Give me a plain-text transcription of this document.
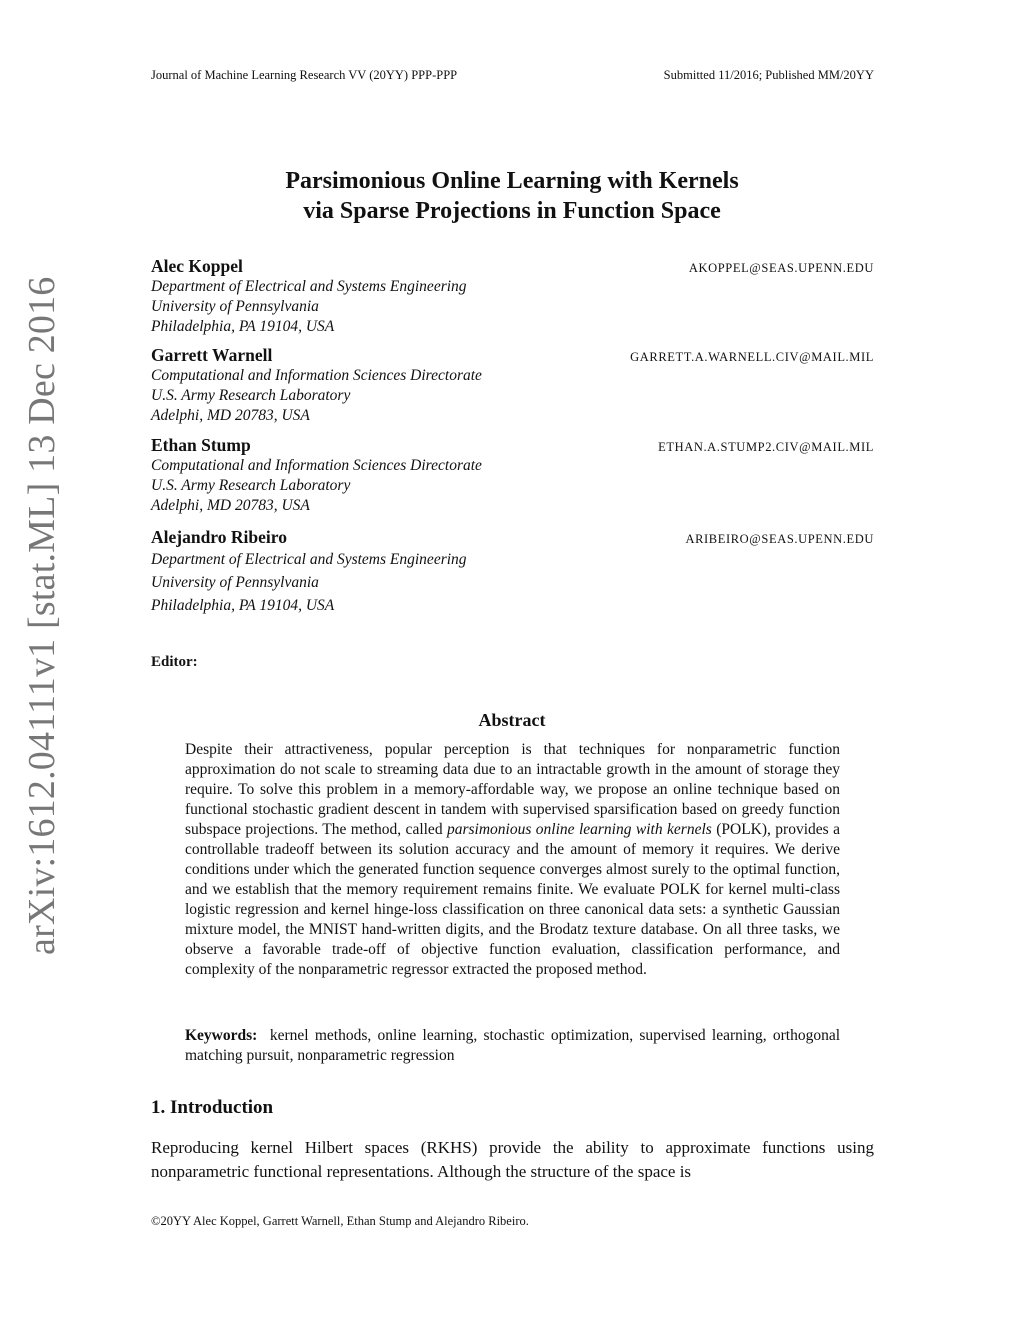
Journal of Machine Learning Research VV (20YY) PPP-PPP	Submitted 11/2016; Published MM/20YY
arXiv:1612.04111v1 [stat.ML] 13 Dec 2016
Parsimonious Online Learning with Kernels
via Sparse Projections in Function Space
Alec Koppel	AKOPPEL@SEAS.UPENN.EDU
Department of Electrical and Systems Engineering
University of Pennsylvania
Philadelphia, PA 19104, USA
Garrett Warnell	GARRETT.A.WARNELL.CIV@MAIL.MIL
Computational and Information Sciences Directorate
U.S. Army Research Laboratory
Adelphi, MD 20783, USA
Ethan Stump	ETHAN.A.STUMP2.CIV@MAIL.MIL
Computational and Information Sciences Directorate
U.S. Army Research Laboratory
Adelphi, MD 20783, USA
Alejandro Ribeiro	ARIBEIRO@SEAS.UPENN.EDU
Department of Electrical and Systems Engineering
University of Pennsylvania
Philadelphia, PA 19104, USA
Editor:
Abstract
Despite their attractiveness, popular perception is that techniques for nonparametric function approximation do not scale to streaming data due to an intractable growth in the amount of storage they require. To solve this problem in a memory-affordable way, we propose an online technique based on functional stochastic gradient descent in tandem with supervised sparsification based on greedy function subspace projections. The method, called parsimonious online learning with kernels (POLK), provides a controllable tradeoff between its solution accuracy and the amount of memory it requires. We derive conditions under which the generated function sequence converges almost surely to the optimal function, and we establish that the memory requirement remains finite. We evaluate POLK for kernel multi-class logistic regression and kernel hinge-loss classification on three canonical data sets: a synthetic Gaussian mixture model, the MNIST hand-written digits, and the Brodatz texture database. On all three tasks, we observe a favorable trade-off of objective function evaluation, classification performance, and complexity of the nonparametric regressor extracted the proposed method.
Keywords: kernel methods, online learning, stochastic optimization, supervised learning, orthogonal matching pursuit, nonparametric regression
1. Introduction
Reproducing kernel Hilbert spaces (RKHS) provide the ability to approximate functions using nonparametric functional representations. Although the structure of the space is
©20YY Alec Koppel, Garrett Warnell, Ethan Stump and Alejandro Ribeiro.
